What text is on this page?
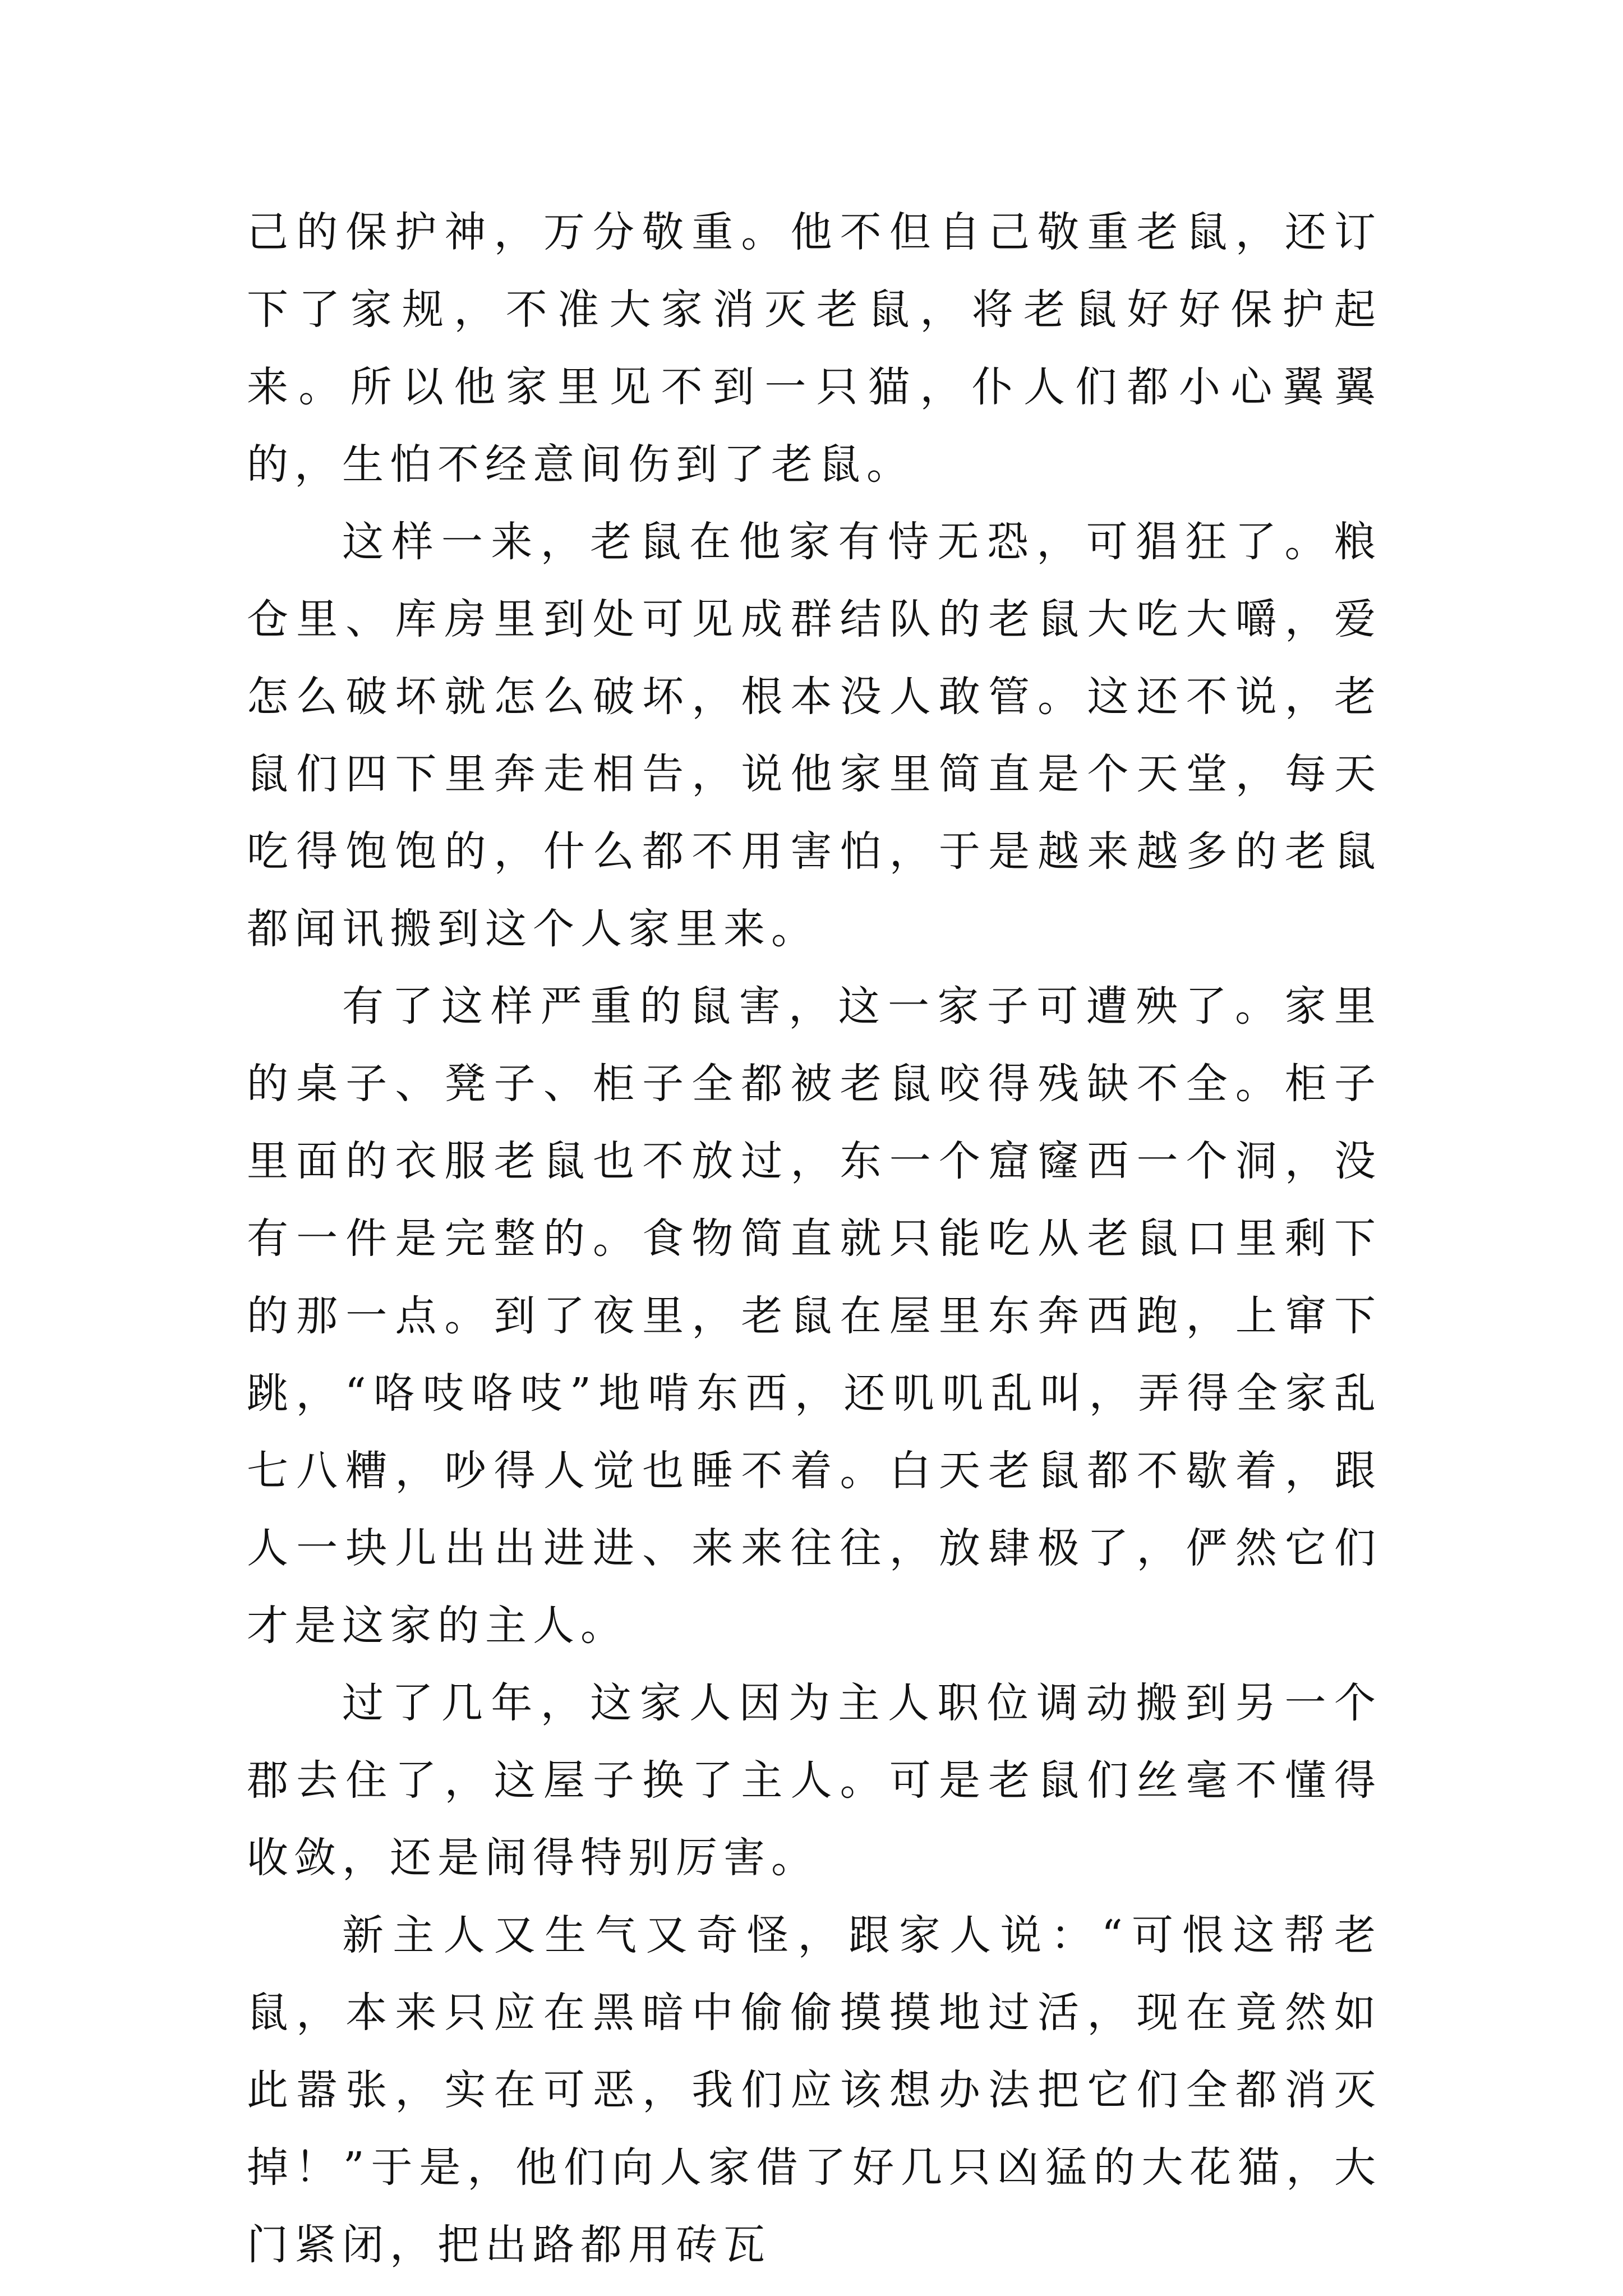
己的保护神，万分敬重。他不但自己敬重老鼠，还订下了家规，不准大家消灭老鼠，将老鼠好好保护起来。所以他家里见不到一只猫，仆人们都小心翼翼的，生怕不经意间伤到了老鼠。

这样一来，老鼠在他家有恃无恐，可猖狂了。粮仓里、库房里到处可见成群结队的老鼠大吃大嚼，爱怎么破坏就怎么破坏，根本没人敢管。这还不说，老鼠们四下里奔走相告，说他家里简直是个天堂，每天吃得饱饱的，什么都不用害怕，于是越来越多的老鼠都闻讯搬到这个人家里来。

有了这样严重的鼠害，这一家子可遭殃了。家里的桌子、凳子、柜子全都被老鼠咬得残缺不全。柜子里面的衣服老鼠也不放过，东一个窟窿西一个洞，没有一件是完整的。食物简直就只能吃从老鼠口里剩下的那一点。到了夜里，老鼠在屋里东奔西跑，上窜下跳，“咯吱咯吱”地啃东西，还叽叽乱叫，弄得全家乱七八糟，吵得人觉也睡不着。白天老鼠都不歇着，跟人一块儿出出进进、来来往往，放肆极了，俨然它们才是这家的主人。

过了几年，这家人因为主人职位调动搬到另一个郡去住了，这屋子换了主人。可是老鼠们丝毫不懂得收敛，还是闹得特别厉害。

新主人又生气又奇怪，跟家人说：“可恨这帮老鼠，本来只应在黑暗中偷偷摸摸地过活，现在竟然如此嚣张，实在可恶，我们应该想办法把它们全都消灭掉！”于是，他们向人家借了好几只凶猛的大花猫，大门紧闭，把出路都用砖瓦
